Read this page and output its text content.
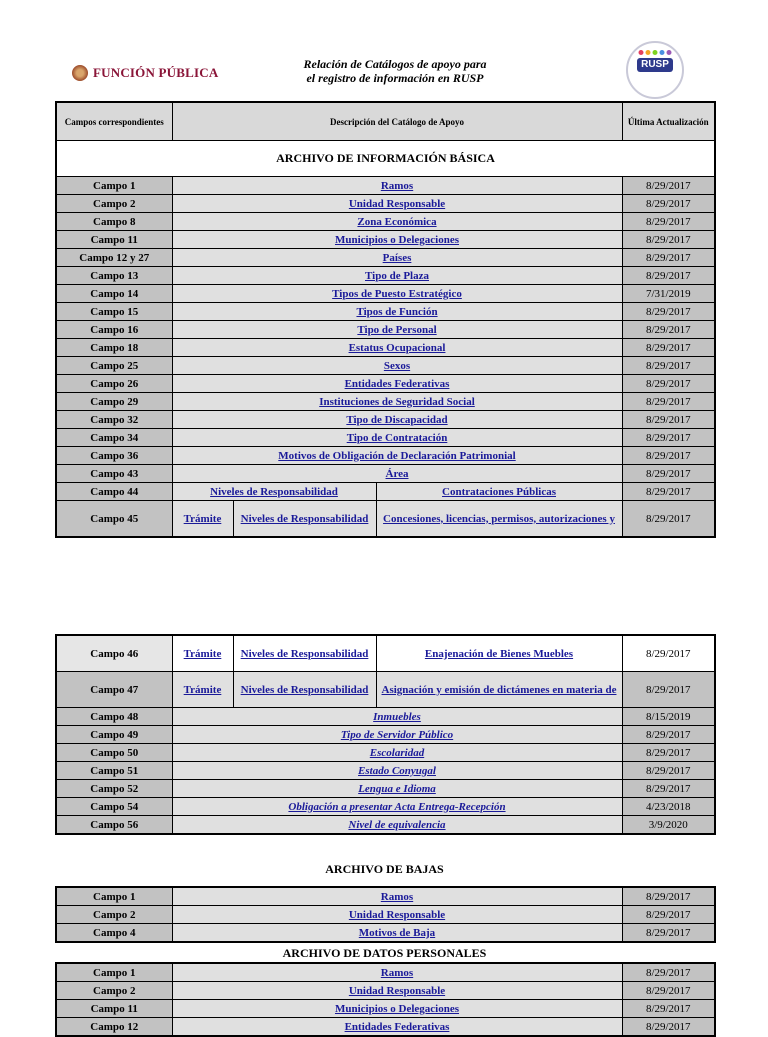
FUNCIÓN PÚBLICA
Relación de Catálogos de apoyo para
el registro de información en RUSP
RUSP
Campos correspondientes	Descripción del Catálogo de Apoyo			Última Actualización
ARCHIVO DE INFORMACIÓN BÁSICA				
Campo 1	Ramos			8/29/2017
Campo 2	Unidad Responsable			8/29/2017
Campo 8	Zona Económica			8/29/2017
Campo 11	Municipios o Delegaciones			8/29/2017
Campo 12 y 27	Países			8/29/2017
Campo 13	Tipo de Plaza			8/29/2017
Campo 14	Tipos de Puesto Estratégico			7/31/2019
Campo 15	Tipos de Función			8/29/2017
Campo 16	Tipo de Personal			8/29/2017
Campo 18	Estatus Ocupacional			8/29/2017
Campo 25	Sexos			8/29/2017
Campo 26	Entidades Federativas			8/29/2017
Campo 29	Instituciones de Seguridad Social			8/29/2017
Campo 32	Tipo de Discapacidad			8/29/2017
Campo 34	Tipo de Contratación			8/29/2017
Campo 36	Motivos de Obligación de Declaración Patrimonial			8/29/2017
Campo 43	Área			8/29/2017
Campo 44	Niveles de Responsabilidad		Contrataciones Públicas	8/29/2017
Campo 45	Trámite	Niveles de Responsabilidad	Concesiones, licencias, permisos, autorizaciones y	8/29/2017
Campo 46	Trámite	Niveles de Responsabilidad	Enajenación de Bienes Muebles	8/29/2017
Campo 47	Trámite	Niveles de Responsabilidad	Asignación y emisión de dictámenes en materia de	8/29/2017
Campo 48	Inmuebles			8/15/2019
Campo 49	Tipo de Servidor Público			8/29/2017
Campo 50	Escolaridad			8/29/2017
Campo 51	Estado Conyugal			8/29/2017
Campo 52	Lengua e Idioma			8/29/2017
Campo 54	Obligación a presentar Acta Entrega-Recepción			4/23/2018
Campo 56	Nivel de equivalencia			3/9/2020
ARCHIVO DE BAJAS
Campo 1	Ramos	8/29/2017
Campo 2	Unidad Responsable	8/29/2017
Campo 4	Motivos de Baja	8/29/2017
ARCHIVO DE DATOS PERSONALES
Campo 1	Ramos	8/29/2017
Campo 2	Unidad Responsable	8/29/2017
Campo 11	Municipios o Delegaciones	8/29/2017
Campo 12	Entidades Federativas	8/29/2017
